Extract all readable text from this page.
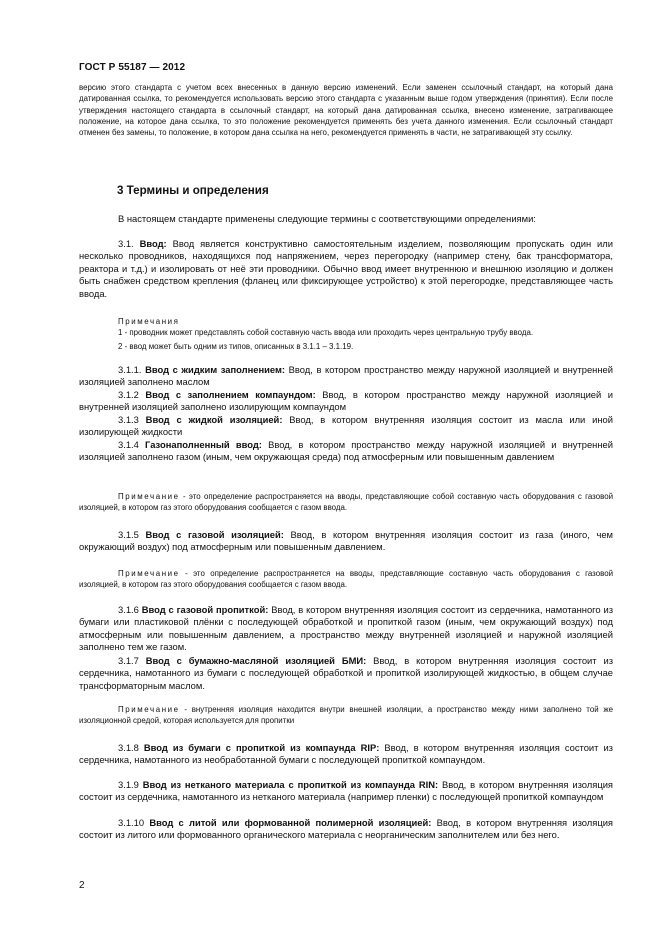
ГОСТ Р 55187 — 2012

версию этого стандарта с учетом всех внесенных в данную версию изменений. Если заменен ссылочный стандарт, на который дана датированная ссылка, то рекомендуется использовать версию этого стандарта с указанным выше годом утверждения (принятия). Если после утверждения настоящего стандарта в ссылочный стандарт, на который дана датированная ссылка, внесено изменение, затрагивающее положение, на которое дана ссылка, то это положение рекомендуется применять без учета данного изменения. Если ссылочный стандарт отменен без замены, то положение, в котором дана ссылка на него, рекомендуется применять в части, не затрагивающей эту ссылку.

3 Термины и определения

В настоящем стандарте применены следующие термины с соответствующими определениями:

3.1. Ввод: Ввод является конструктивно самостоятельным изделием, позволяющим пропускать один или несколько проводников, находящихся под напряжением, через перегородку (например стену, бак трансформатора, реактора и т.д.) и изолировать от неё эти проводники. Обычно ввод имеет внутреннюю и внешнюю изоляцию и должен быть снабжен средством крепления (фланец или фиксирующее устройство) к этой перегородке, представляющее часть ввода.

Примечания

1 - проводник может представлять собой составную часть ввода или проходить через центральную трубу ввода.

2 - ввод может быть одним из типов, описанных в 3.1.1 – 3.1.19.

3.1.1. Ввод с жидким заполнением: Ввод, в котором пространство между наружной изоляцией и внутренней изоляцией заполнено маслом

3.1.2 Ввод с заполнением компаундом: Ввод, в котором пространство между наружной изоляцией и внутренней изоляцией заполнено изолирующим компаундом

3.1.3 Ввод с жидкой изоляцией: Ввод, в котором внутренняя изоляция состоит из масла или иной изолирующей жидкости

3.1.4 Газонаполненный ввод: Ввод, в котором пространство между наружной изоляцией и внутренней изоляцией заполнено газом (иным, чем окружающая среда) под атмосферным или повышенным давлением

Примечание - это определение распространяется на вводы, представляющие собой составную часть оборудования с газовой изоляцией, в котором газ этого оборудования сообщается с газом ввода.

3.1.5 Ввод с газовой изоляцией: Ввод, в котором внутренняя изоляция состоит из газа (иного, чем окружающий воздух) под атмосферным или повышенным давлением.

Примечание - это определение распространяется на вводы, представляющие составную часть оборудования с газовой изоляцией, в котором газ этого оборудования сообщается с газом ввода.

3.1.6 Ввод с газовой пропиткой: Ввод, в котором внутренняя изоляция состоит из сердечника, намотанного из бумаги или пластиковой плёнки с последующей обработкой и пропиткой газом (иным, чем окружающий воздух) под атмосферным или повышенным давлением, а пространство между внутренней изоляцией и наружной изоляцией заполнено тем же газом.

3.1.7 Ввод с бумажно-масляной изоляцией БМИ: Ввод, в котором внутренняя изоляция состоит из сердечника, намотанного из бумаги с последующей обработкой и пропиткой изолирующей жидкостью, в общем случае трансформаторным маслом.

Примечание - внутренняя изоляция находится внутри внешней изоляции, а пространство между ними заполнено той же изоляционной средой, которая используется для пропитки

3.1.8 Ввод из бумаги с пропиткой из компаунда RIP: Ввод, в котором внутренняя изоляция состоит из сердечника, намотанного из необработанной бумаги с последующей пропиткой компаундом.

3.1.9 Ввод из нетканого материала с пропиткой из компаунда RIN: Ввод, в котором внутренняя изоляция состоит из сердечника, намотанного из нетканого материала (например пленки) с последующей пропиткой компаундом

3.1.10 Ввод с литой или формованной полимерной изоляцией: Ввод, в котором внутренняя изоляция состоит из литого или формованного органического материала с неорганическим заполнителем или без него.

2
